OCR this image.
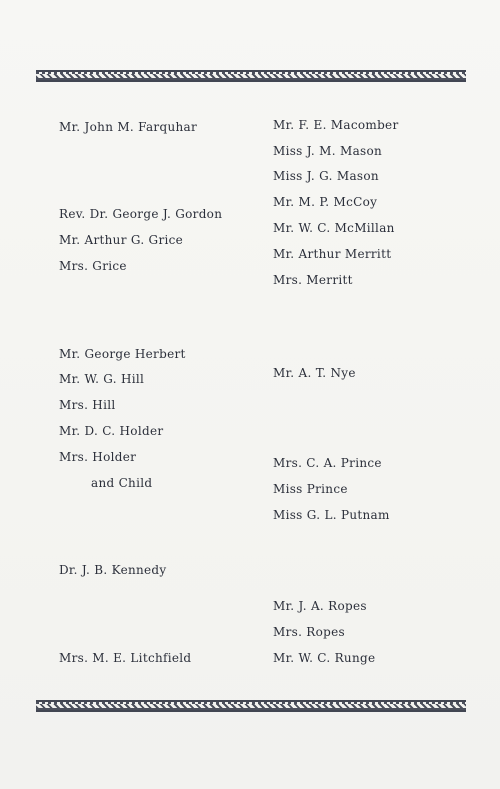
Mr. John M. Farquhar
Rev. Dr. George J. Gordon
Mr. Arthur G. Grice
Mrs. Grice
Mr. George Herbert
Mr. W. G. Hill
Mrs. Hill
Mr. D. C. Holder
Mrs. Holder
and Child
Dr. J. B. Kennedy
Mrs. M. E. Litchfield
Mr. F. E. Macomber
Miss J. M. Mason
Miss J. G. Mason
Mr. M. P. McCoy
Mr. W. C. McMillan
Mr. Arthur Merritt
Mrs. Merritt
Mr. A. T. Nye
Mrs. C. A. Prince
Miss Prince
Miss G. L. Putnam
Mr. J. A. Ropes
Mrs. Ropes
Mr. W. C. Runge
